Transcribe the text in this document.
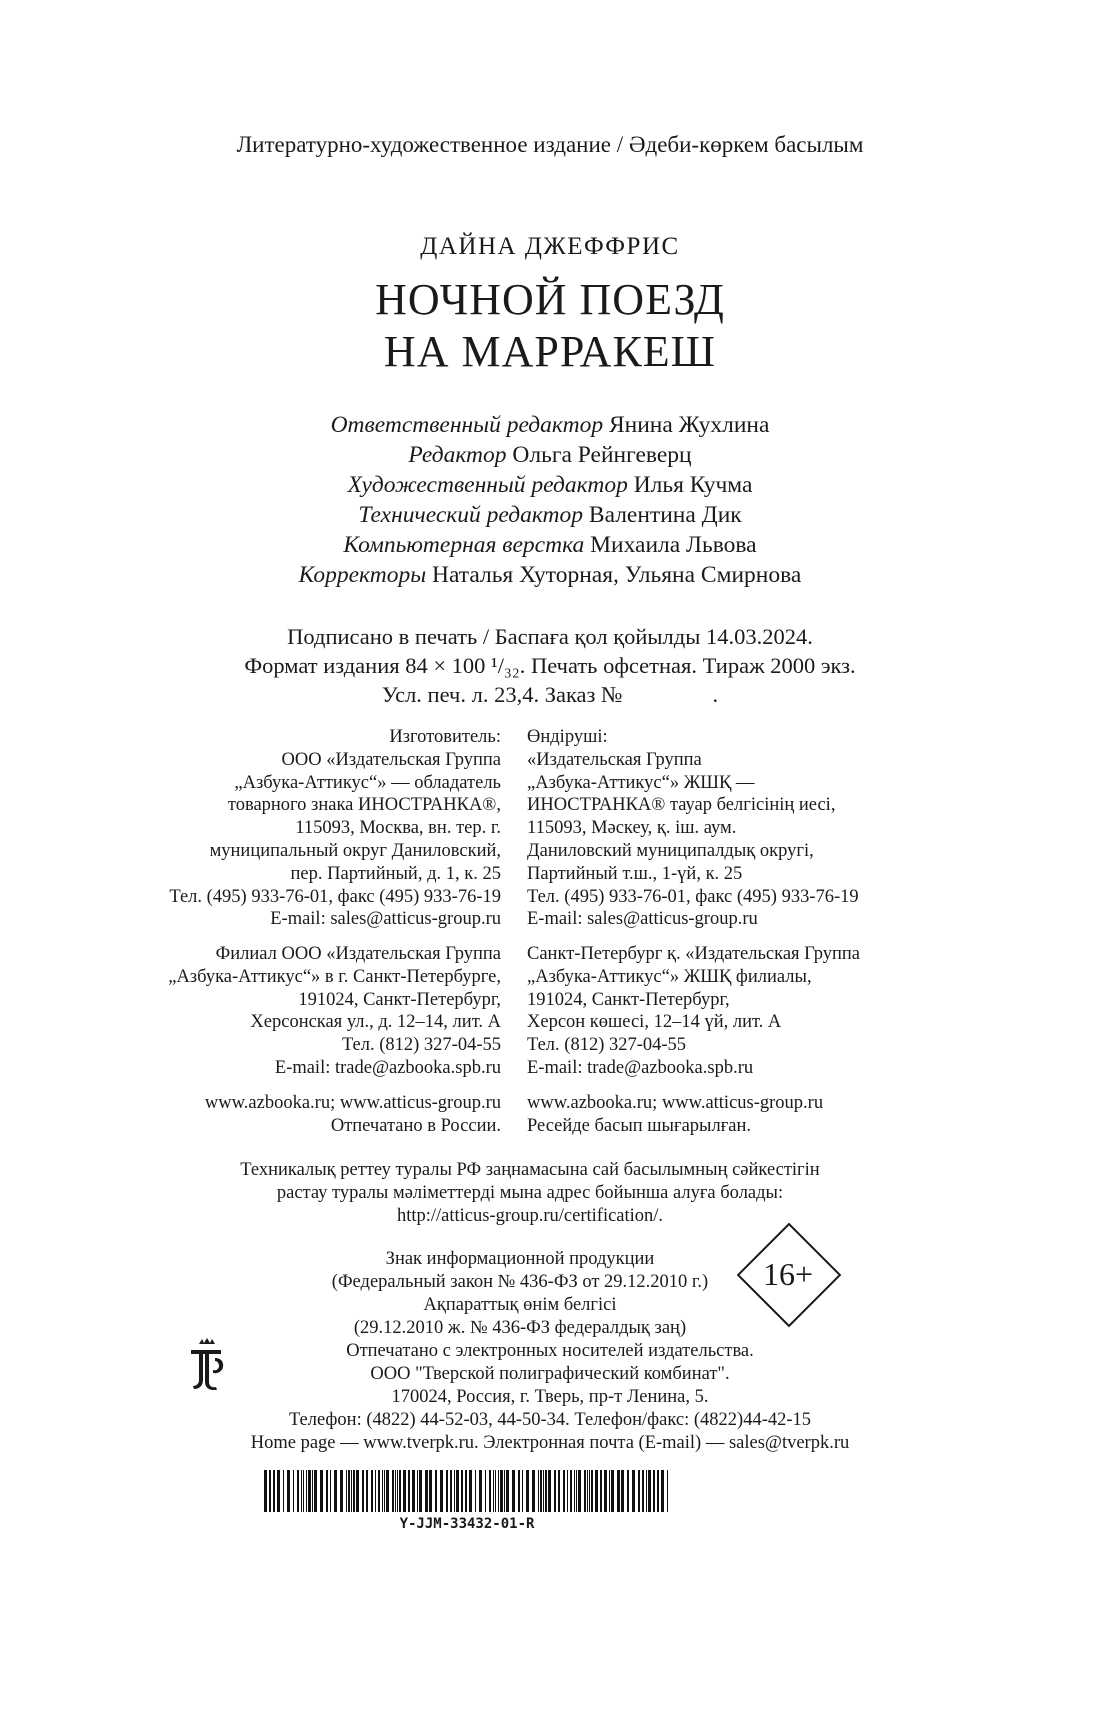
Литературно-художественное издание / Әдеби-көркем басылым
ДАЙНА ДЖЕФФРИС
НОЧНОЙ ПОЕЗД
НА МАРРАКЕШ
Ответственный редактор Янина Жухлина
Редактор Ольга Рейнгеверц
Художественный редактор Илья Кучма
Технический редактор Валентина Дик
Компьютерная верстка Михаила Львова
Корректоры Наталья Хуторная, Ульяна Смирнова
Подписано в печать / Баспаға қол қойылды 14.03.2024.
Формат издания 84 × 100 ¹/₃₂. Печать офсетная. Тираж 2000 экз.
Усл. печ. л. 23,4. Заказ №                .
Изготовитель:
ООО «Издательская Группа
„Азбука-Аттикус“» — обладатель
товарного знака ИНОСТРАНКА®,
115093, Москва, вн. тер. г.
муниципальный округ Даниловский,
пер. Партийный, д. 1, к. 25
Тел. (495) 933-76-01, факс (495) 933-76-19
E-mail: sales@atticus-group.ru
Өндіруші:
«Издательская Группа
„Азбука-Аттикус“» ЖШҚ —
ИНОСТРАНКА® тауар белгісінің иесі,
115093, Мәскеу, қ. іш. аум.
Даниловский муниципалдық округі,
Партийный т.ш., 1-үй, к. 25
Тел. (495) 933-76-01, факс (495) 933-76-19
E-mail: sales@atticus-group.ru
Филиал ООО «Издательская Группа
„Азбука-Аттикус“» в г. Санкт-Петербурге,
191024, Санкт-Петербург,
Херсонская ул., д. 12–14, лит. А
Тел. (812) 327-04-55
E-mail: trade@azbooka.spb.ru
Санкт-Петербург қ. «Издательская Группа
„Азбука-Аттикус“» ЖШҚ филиалы,
191024, Санкт-Петербург,
Херсон көшесі, 12–14 үй, лит. А
Тел. (812) 327-04-55
E-mail: trade@azbooka.spb.ru
www.azbooka.ru; www.atticus-group.ru
Отпечатано в России.
www.azbooka.ru; www.atticus-group.ru
Ресейде басып шығарылған.
Техникалық реттеу туралы РФ заңнамасына сай басылымның сәйкестігін
растау туралы мәліметтерді мына адрес бойынша алуға болады:
http://atticus-group.ru/certification/.
Знак информационной продукции
(Федеральный закон № 436-ФЗ от 29.12.2010 г.)
Ақпараттық өнім белгісі
(29.12.2010 ж. № 436-ФЗ федералдық заң)
16+
Отпечатано с электронных носителей издательства.
ООО "Тверской полиграфический комбинат".
170024, Россия, г. Тверь, пр-т Ленина, 5.
Телефон: (4822) 44-52-03, 44-50-34. Телефон/факс: (4822)44-42-15
Home page — www.tverpk.ru. Электронная почта (E-mail) — sales@tverpk.ru
Y-JJM-33432-01-R
